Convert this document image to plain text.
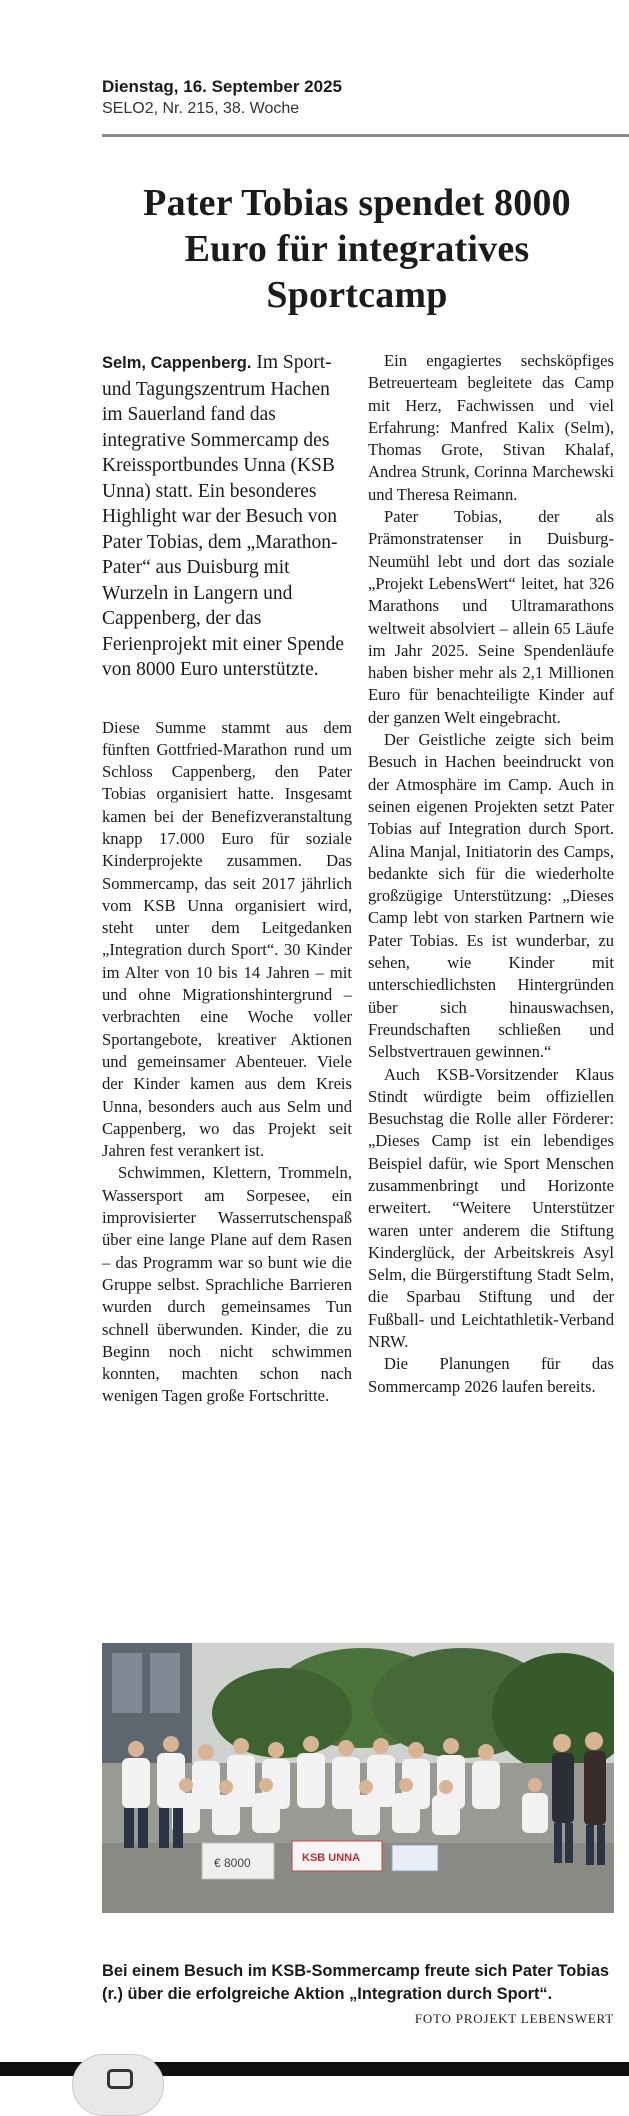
Dienstag, 16. September 2025
SELO2, Nr. 215, 38. Woche
Pater Tobias spendet 8000 Euro für integratives Sportcamp

Selm, Cappenberg. Im Sport- und Tagungszentrum Hachen im Sauerland fand das integrative Sommercamp des Kreissportbundes Unna (KSB Unna) statt. Ein besonderes Highlight war der Besuch von Pater Tobias, dem „Marathon-Pater“ aus Duisburg mit Wurzeln in Langern und Cappenberg, der das Ferienprojekt mit einer Spende von 8000 Euro unterstützte.

Diese Summe stammt aus dem fünften Gottfried-Marathon rund um Schloss Cappenberg, den Pater Tobias organisiert hatte. Insgesamt kamen bei der Benefizveranstaltung knapp 17.000 Euro für soziale Kinderprojekte zusammen. Das Sommercamp, das seit 2017 jährlich vom KSB Unna organisiert wird, steht unter dem Leitgedanken „Integration durch Sport“. 30 Kinder im Alter von 10 bis 14 Jahren – mit und ohne Migrationshintergrund – verbrachten eine Woche voller Sportangebote, kreativer Aktionen und gemeinsamer Abenteuer. Viele der Kinder kamen aus dem Kreis Unna, besonders auch aus Selm und Cappenberg, wo das Projekt seit Jahren fest verankert ist.

Schwimmen, Klettern, Trommeln, Wassersport am Sorpesee, ein improvisierter Wasserrutschenspaß über eine lange Plane auf dem Rasen – das Programm war so bunt wie die Gruppe selbst. Sprachliche Barrieren wurden durch gemeinsames Tun schnell überwunden. Kinder, die zu Beginn noch nicht schwimmen konnten, machten schon nach wenigen Tagen große Fortschritte.

Ein engagiertes sechsköpfiges Betreuerteam begleitete das Camp mit Herz, Fachwissen und viel Erfahrung: Manfred Kalix (Selm), Thomas Grote, Stivan Khalaf, Andrea Strunk, Corinna Marchewski und Theresa Reimann.

Pater Tobias, der als Prämonstratenser in Duisburg-Neumühl lebt und dort das soziale „Projekt LebensWert“ leitet, hat 326 Marathons und Ultramarathons weltweit absolviert – allein 65 Läufe im Jahr 2025. Seine Spendenläufe haben bisher mehr als 2,1 Millionen Euro für benachteiligte Kinder auf der ganzen Welt eingebracht.

Der Geistliche zeigte sich beim Besuch in Hachen beeindruckt von der Atmosphäre im Camp. Auch in seinen eigenen Projekten setzt Pater Tobias auf Integration durch Sport. Alina Manjal, Initiatorin des Camps, bedankte sich für die wiederholte großzügige Unterstützung: „Dieses Camp lebt von starken Partnern wie Pater Tobias. Es ist wunderbar, zu sehen, wie Kinder mit unterschiedlichsten Hintergründen über sich hinauswachsen, Freundschaften schließen und Selbstvertrauen gewinnen.“

Auch KSB-Vorsitzender Klaus Stindt würdigte beim offiziellen Besuchstag die Rolle aller Förderer: „Dieses Camp ist ein lebendiges Beispiel dafür, wie Sport Menschen zusammenbringt und Horizonte erweitert. “Weitere Unterstützer waren unter anderem die Stiftung Kinderglück, der Arbeitskreis Asyl Selm, die Bürgerstiftung Stadt Selm, die Sparbau Stiftung und der Fußball- und Leichtathletik-Verband NRW.

Die Planungen für das Sommercamp 2026 laufen bereits.

€ 8000	KSB UNNA

Bei einem Besuch im KSB-Sommercamp freute sich Pater Tobias (r.) über die erfolgreiche Aktion „Integration durch Sport“.

FOTO PROJEKT LEBENSWERT
